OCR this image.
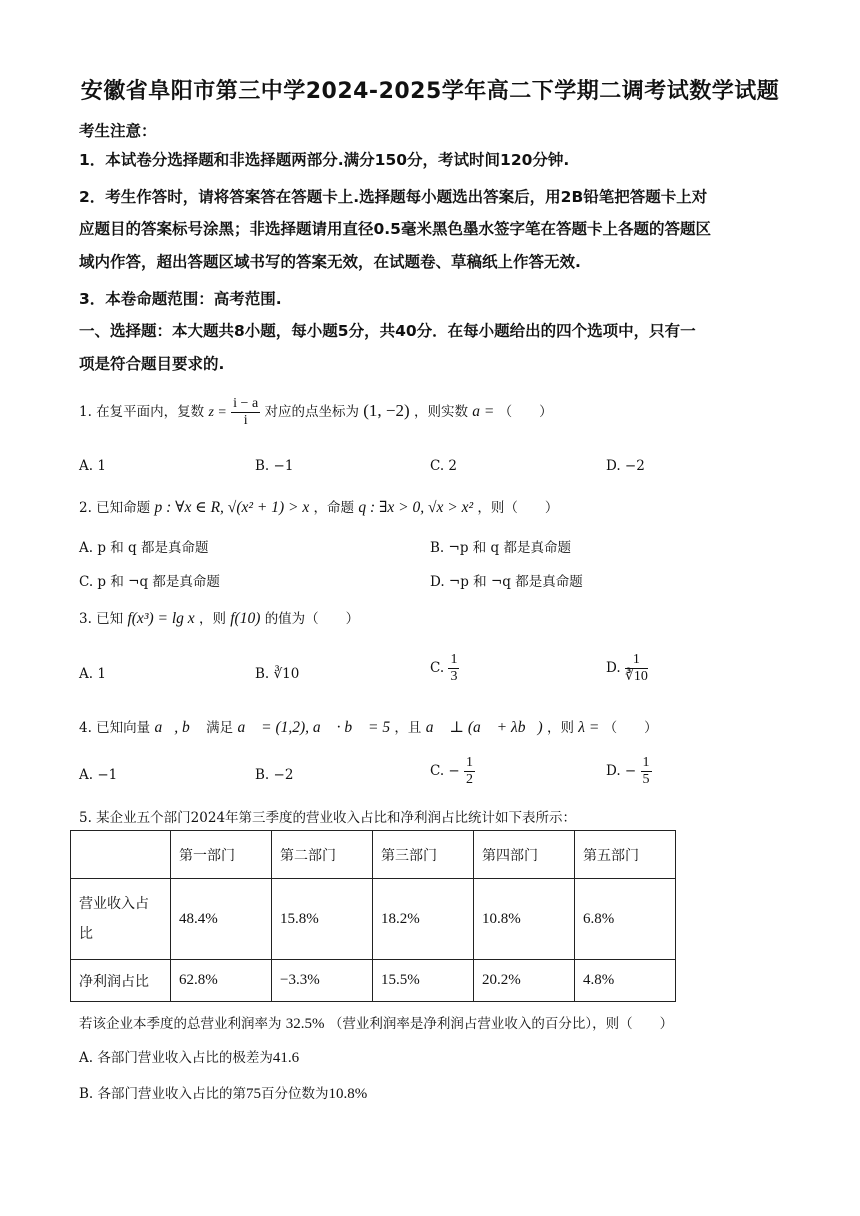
安徽省阜阳市第三中学2024-2025学年高二下学期二调考试数学试题
考生注意：
1．本试卷分选择题和非选择题两部分.满分150分，考试时间120分钟.
2．考生作答时，请将答案答在答题卡上.选择题每小题选出答案后，用2B铅笔把答题卡上对
应题目的答案标号涂黑；非选择题请用直径0.5毫米黑色墨水签字笔在答题卡上各题的答题区
域内作答，超出答题区域书写的答案无效，在试题卷、草稿纸上作答无效.
3．本卷命题范围：高考范围.
一、选择题：本大题共8小题，每小题5分，共40分．在每小题给出的四个选项中，只有一
项是符合题目要求的.
1. 在复平面内，复数 $z = \frac{i - a}{i}$ 对应的点坐标为 (1, −2) ，则实数 a = （　　）
A. 1	B. −1	C. 2	D. −2
2. 已知命题 p : ∀x ∈ R, √(x² + 1) > x ，命题 q : ∃x > 0, √x > x² ，则（　　）
A. p 和 q 都是真命题	B. ¬p 和 q 都是真命题
C. p 和 ¬q 都是真命题	D. ¬p 和 ¬q 都是真命题
3. 已知 f(x³) = lg x ，则 f(10) 的值为（　　）
A. 1	B. ∛10	C. $\frac{1}{3}$	D. $\frac{1}{∛10}$
4. 已知向量 a⃗, b⃗ 满足 a⃗ = (1,2), a⃗ · b⃗ = 5 ，且 a⃗ ⊥ (a⃗ + λb⃗) ，则 λ = （　　）
A. −1	B. −2	C. − $\frac{1}{2}$	D. − $\frac{1}{5}$
5. 某企业五个部门2024年第三季度的营业收入占比和净利润占比统计如下表所示：
	第一部门	第二部门	第三部门	第四部门	第五部门

营业收入占
比	48.4%	15.8%	18.2%	10.8%	6.8%
净利润占比	62.8%	−3.3%	15.5%	20.2%	4.8%
若该企业本季度的总营业利润率为 32.5% （营业利润率是净利润占营业收入的百分比），则（　　）
A. 各部门营业收入占比的极差为41.6
B. 各部门营业收入占比的第75百分位数为10.8%
